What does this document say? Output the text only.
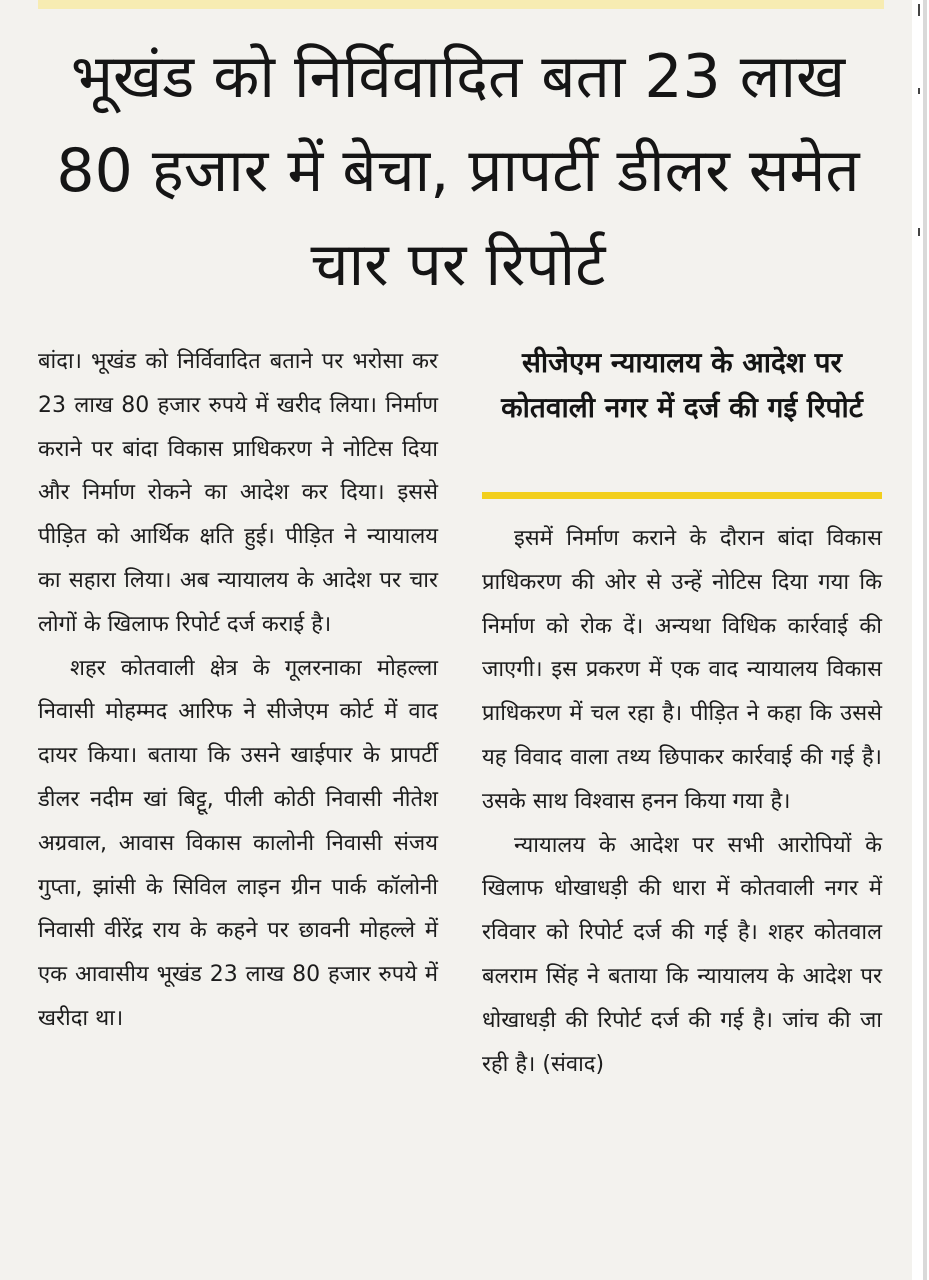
भूखंड को निर्विवादित बता 23 लाख 80 हजार में बेचा, प्रापर्टी डीलर समेत चार पर रिपोर्ट

बांदा। भूखंड को निर्विवादित बताने पर भरोसा कर 23 लाख 80 हजार रुपये में खरीद लिया। निर्माण कराने पर बांदा विकास प्राधिकरण ने नोटिस दिया और निर्माण रोकने का आदेश कर दिया। इससे पीड़ित को आर्थिक क्षति हुई। पीड़ित ने न्यायालय का सहारा लिया। अब न्यायालय के आदेश पर चार लोगों के खिलाफ रिपोर्ट दर्ज कराई है।

शहर कोतवाली क्षेत्र के गूलरनाका मोहल्ला निवासी मोहम्मद आरिफ ने सीजेएम कोर्ट में वाद दायर किया। बताया कि उसने खाईपार के प्रापर्टी डीलर नदीम खां बिट्टू, पीली कोठी निवासी नीतेश अग्रवाल, आवास विकास कालोनी निवासी संजय गुप्ता, झांसी के सिविल लाइन ग्रीन पार्क कॉलोनी निवासी वीरेंद्र राय के कहने पर छावनी मोहल्ले में एक आवासीय भूखंड 23 लाख 80 हजार रुपये में खरीदा था।

सीजेएम न्यायालय के आदेश पर कोतवाली नगर में दर्ज की गई रिपोर्ट

इसमें निर्माण कराने के दौरान बांदा विकास प्राधिकरण की ओर से उन्हें नोटिस दिया गया कि निर्माण को रोक दें। अन्यथा विधिक कार्रवाई की जाएगी। इस प्रकरण में एक वाद न्यायालय विकास प्राधिकरण में चल रहा है। पीड़ित ने कहा कि उससे यह विवाद वाला तथ्य छिपाकर कार्रवाई की गई है। उसके साथ विश्वास हनन किया गया है।

न्यायालय के आदेश पर सभी आरोपियों के खिलाफ धोखाधड़ी की धारा में कोतवाली नगर में रविवार को रिपोर्ट दर्ज की गई है। शहर कोतवाल बलराम सिंह ने बताया कि न्यायालय के आदेश पर धोखाधड़ी की रिपोर्ट दर्ज की गई है। जांच की जा रही है। (संवाद)
